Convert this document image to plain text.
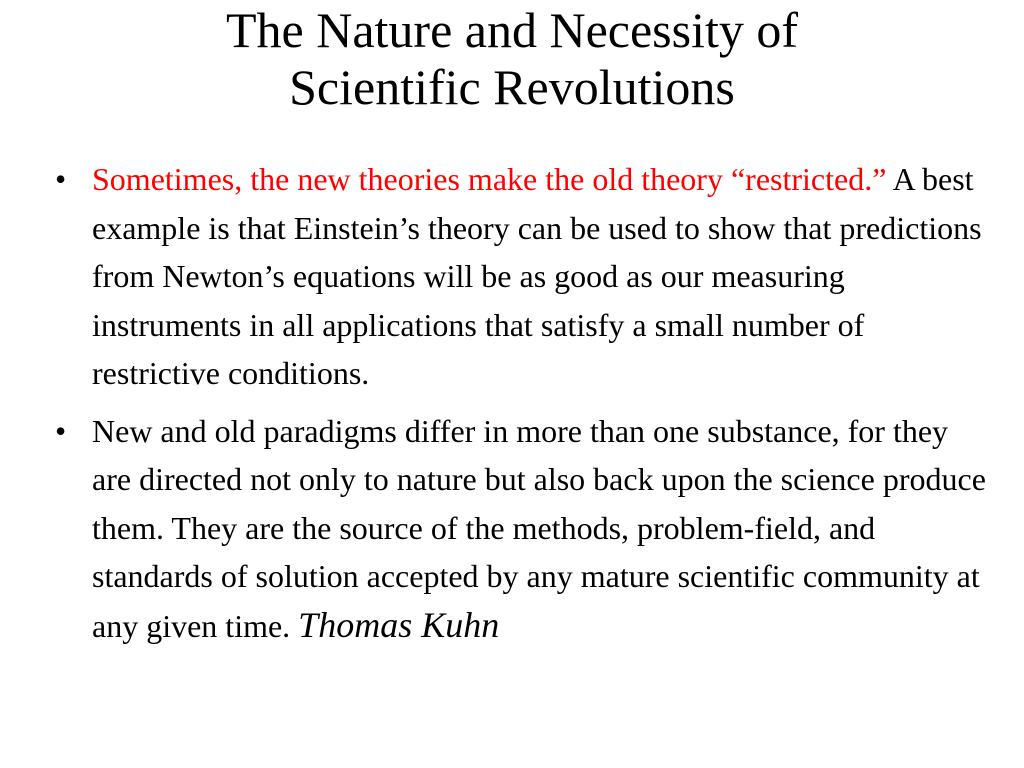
The Nature and Necessity of
Scientific Revolutions
• Sometimes, the new theories make the old theory “restricted.” A best example is that Einstein’s theory can be used to show that predictions from Newton’s equations will be as good as our measuring instruments in all applications that satisfy a small number of restrictive conditions.
• New and old paradigms differ in more than one substance, for they are directed not only to nature but also back upon the science produce them. They are the source of the methods, problem-field, and standards of solution accepted by any mature scientific community at any given time. Thomas Kuhn
